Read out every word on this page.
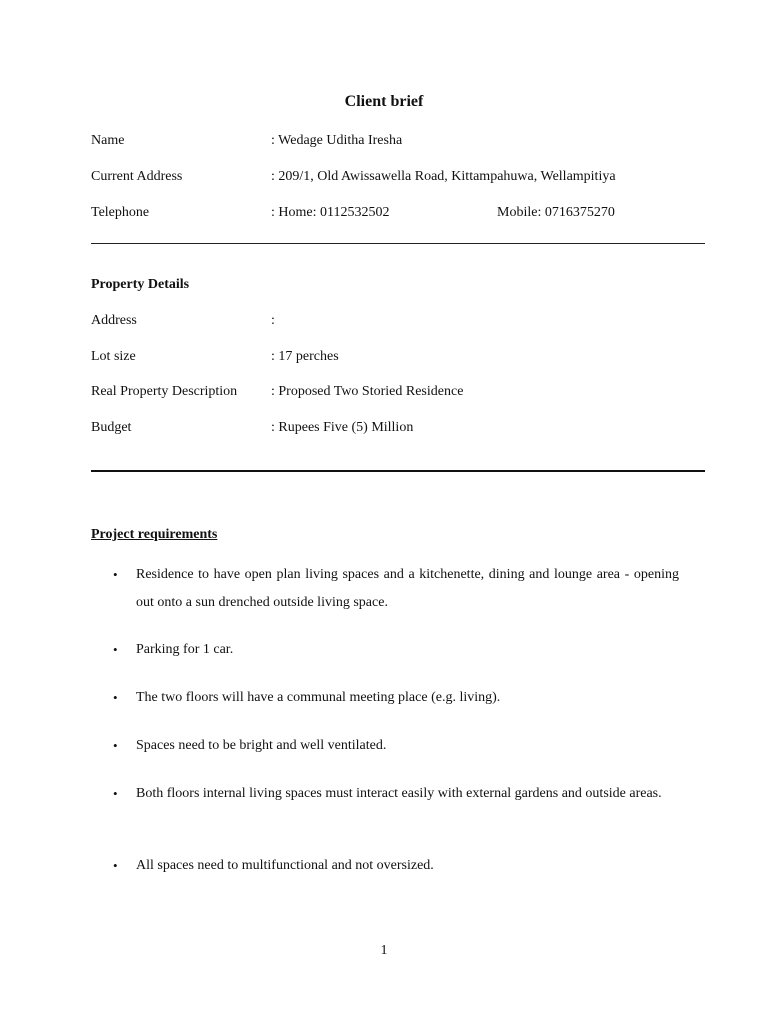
Client brief
Name	: Wedage Uditha Iresha
Current Address	: 209/1, Old Awissawella Road, Kittampahuwa, Wellampitiya
Telephone	: Home: 0112532502	Mobile: 0716375270
Property Details
Address	:
Lot size	: 17 perches
Real Property Description : Proposed Two Storied Residence
Budget	: Rupees Five (5) Million
Project requirements
• Residence to have open plan living spaces and a kitchenette, dining and lounge area - opening out onto a sun drenched outside living space.
• Parking for 1 car.
• The two floors will have a communal meeting place (e.g. living).
• Spaces need to be bright and well ventilated.
• Both floors internal living spaces must interact easily with external gardens and outside areas.
• All spaces need to multifunctional and not oversized.
1
